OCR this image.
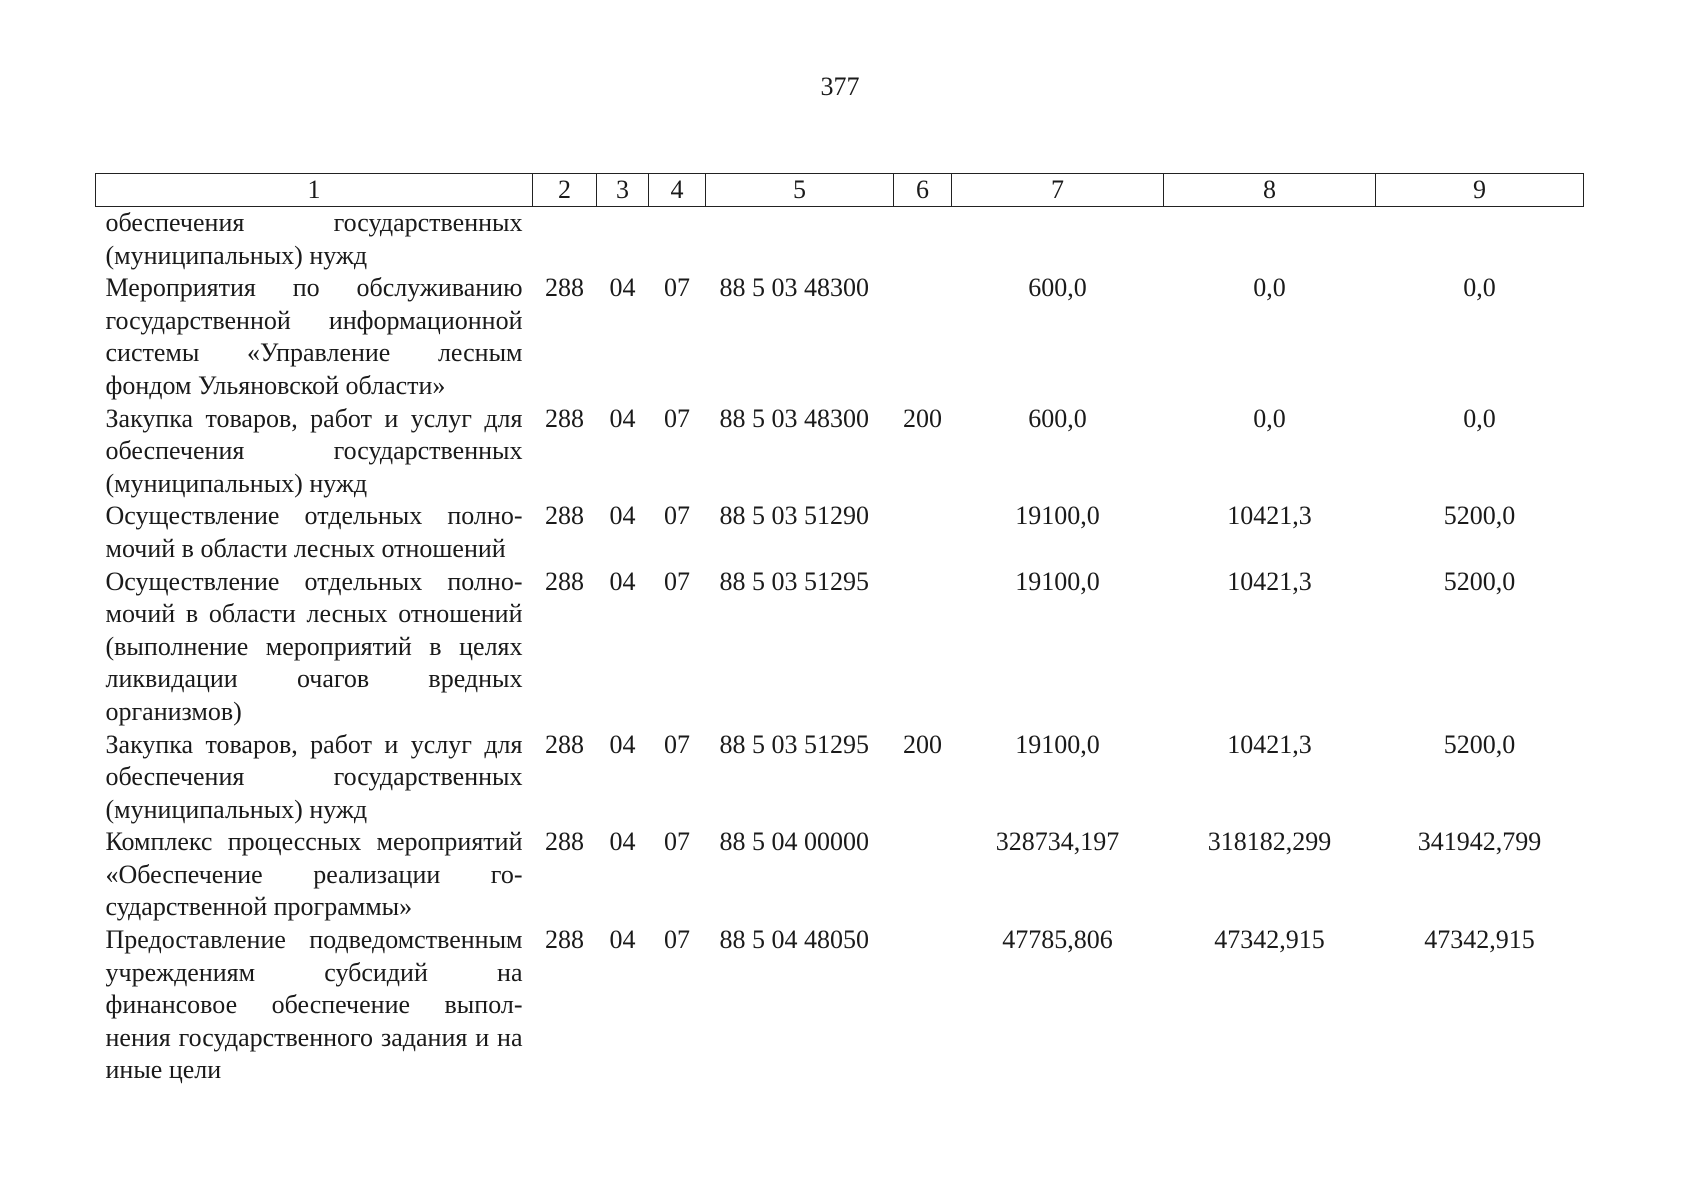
377
1	2	3	4	5	6	7	8	9
обеспечения государственных (муниципальных) нужд								
Мероприятия по обслуживанию государственной информационной системы «Управление лесным фондом Ульяновской области»	288	04	07	88 5 03 48300		600,0	0,0	0,0
Закупка товаров, работ и услуг для обеспечения государственных (муниципальных) нужд	288	04	07	88 5 03 48300	200	600,0	0,0	0,0
Осуществление отдельных полномочий в области лесных отношений	288	04	07	88 5 03 51290		19100,0	10421,3	5200,0
Осуществление отдельных полномочий в области лесных отношений (выполнение мероприятий в целях ликвидации очагов вредных организмов)	288	04	07	88 5 03 51295		19100,0	10421,3	5200,0
Закупка товаров, работ и услуг для обеспечения государственных (муниципальных) нужд	288	04	07	88 5 03 51295	200	19100,0	10421,3	5200,0
Комплекс процессных мероприятий «Обеспечение реализации государственной программы»	288	04	07	88 5 04 00000		328734,197	318182,299	341942,799
Предоставление подведомственным учреждениям субсидий на финансовое обеспечение выполнения государственного задания и на иные цели	288	04	07	88 5 04 48050		47785,806	47342,915	47342,915
